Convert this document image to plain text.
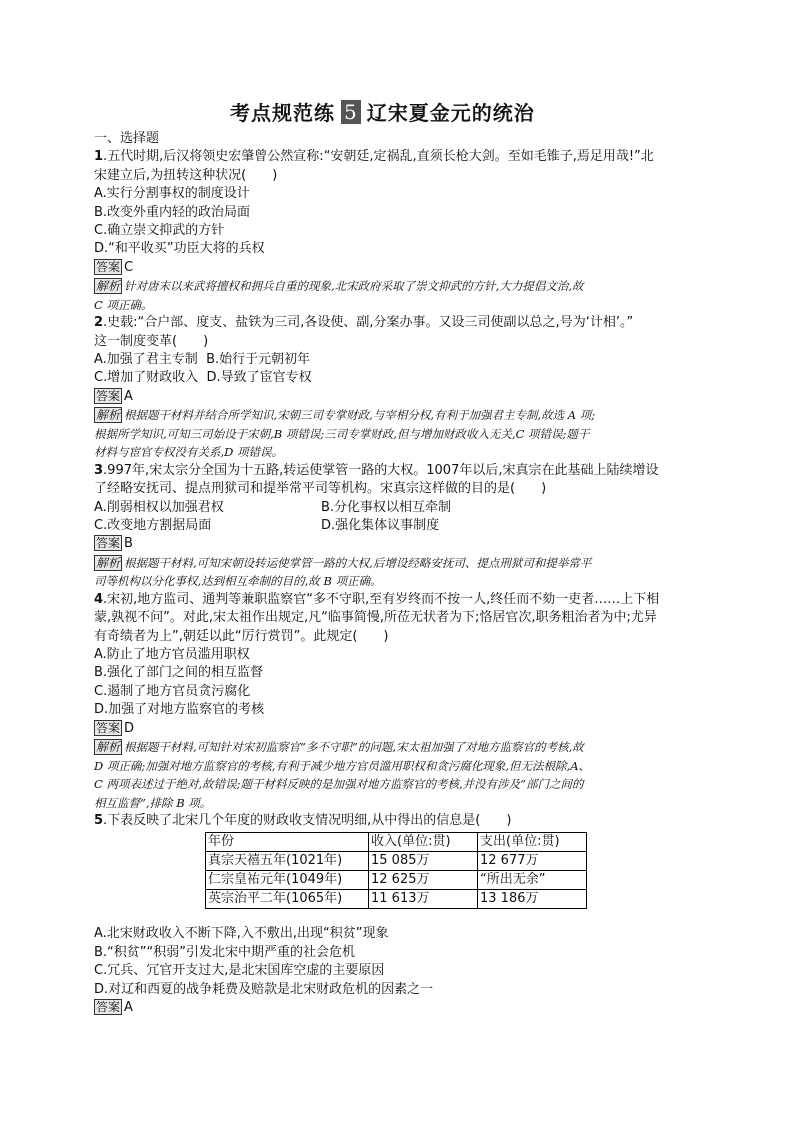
考点规范练 5 辽宋夏金元的统治
一、选择题
1.五代时期,后汉将领史宏肇曾公然宣称:“安朝廷,定祸乱,直须长枪大剑。至如毛锥子,焉足用哉!”北
宋建立后,为扭转这种状况(　　)
A.实行分割事权的制度设计
B.改变外重内轻的政治局面
C.确立崇文抑武的方针
D.“和平收买”功臣大将的兵权
答案 C
解析 针对唐末以来武将擅权和拥兵自重的现象,北宋政府采取了崇文抑武的方针,大力提倡文治,故
C 项正确。
2.史载:“合户部、度支、盐铁为三司,各设使、副,分案办事。又设三司使副以总之,号为‘计相’。”
这一制度变革(　　)
A.加强了君主专制 B.始行于元朝初年
C.增加了财政收入 D.导致了宦官专权
答案 A
解析 根据题干材料并结合所学知识,宋朝三司专掌财政,与宰相分权,有利于加强君主专制,故选 A 项;
根据所学知识,可知三司始设于宋朝,B 项错误;三司专掌财政,但与增加财政收入无关,C 项错误;题干
材料与宦官专权没有关系,D 项错误。
3.997年,宋太宗分全国为十五路,转运使掌管一路的大权。1007年以后,宋真宗在此基础上陆续增设
了经略安抚司、提点刑狱司和提举常平司等机构。宋真宗这样做的目的是(　　)
A.削弱相权以加强君权	B.分化事权以相互牵制
C.改变地方割据局面	D.强化集体议事制度
答案 B
解析 根据题干材料,可知宋朝设转运使掌管一路的大权,后增设经略安抚司、提点刑狱司和提举常平
司等机构以分化事权,达到相互牵制的目的,故 B 项正确。
4.宋初,地方监司、通判等兼职监察官“多不守职,至有岁终而不按一人,终任而不劾一吏者……上下相
蒙,孰视不问”。对此,宋太祖作出规定,凡“临事简慢,所莅无状者为下;恪居官次,职务粗治者为中;尤异
有奇绩者为上”,朝廷以此“厉行赏罚”。此规定(　　)
A.防止了地方官员滥用职权
B.强化了部门之间的相互监督
C.遏制了地方官员贪污腐化
D.加强了对地方监察官的考核
答案 D
解析 根据题干材料,可知针对宋初监察官“多不守职”的问题,宋太祖加强了对地方监察官的考核,故
D 项正确;加强对地方监察官的考核,有利于减少地方官员滥用职权和贪污腐化现象,但无法根除,A、
C 两项表述过于绝对,故错误;题干材料反映的是加强对地方监察官的考核,并没有涉及“部门之间的
相互监督”,排除 B 项。
5.下表反映了北宋几个年度的财政收支情况明细,从中得出的信息是(　　)
年份	收入(单位:贯)	支出(单位:贯)
真宗天禧五年(1021年)	15 085万	12 677万
仁宗皇祐元年(1049年)	12 625万	“所出无余”
英宗治平二年(1065年)	11 613万	13 186万
A.北宋财政收入不断下降,入不敷出,出现“积贫”现象
B.“积贫”“积弱”引发北宋中期严重的社会危机
C.冗兵、冗官开支过大,是北宋国库空虚的主要原因
D.对辽和西夏的战争耗费及赔款是北宋财政危机的因素之一
答案 A
